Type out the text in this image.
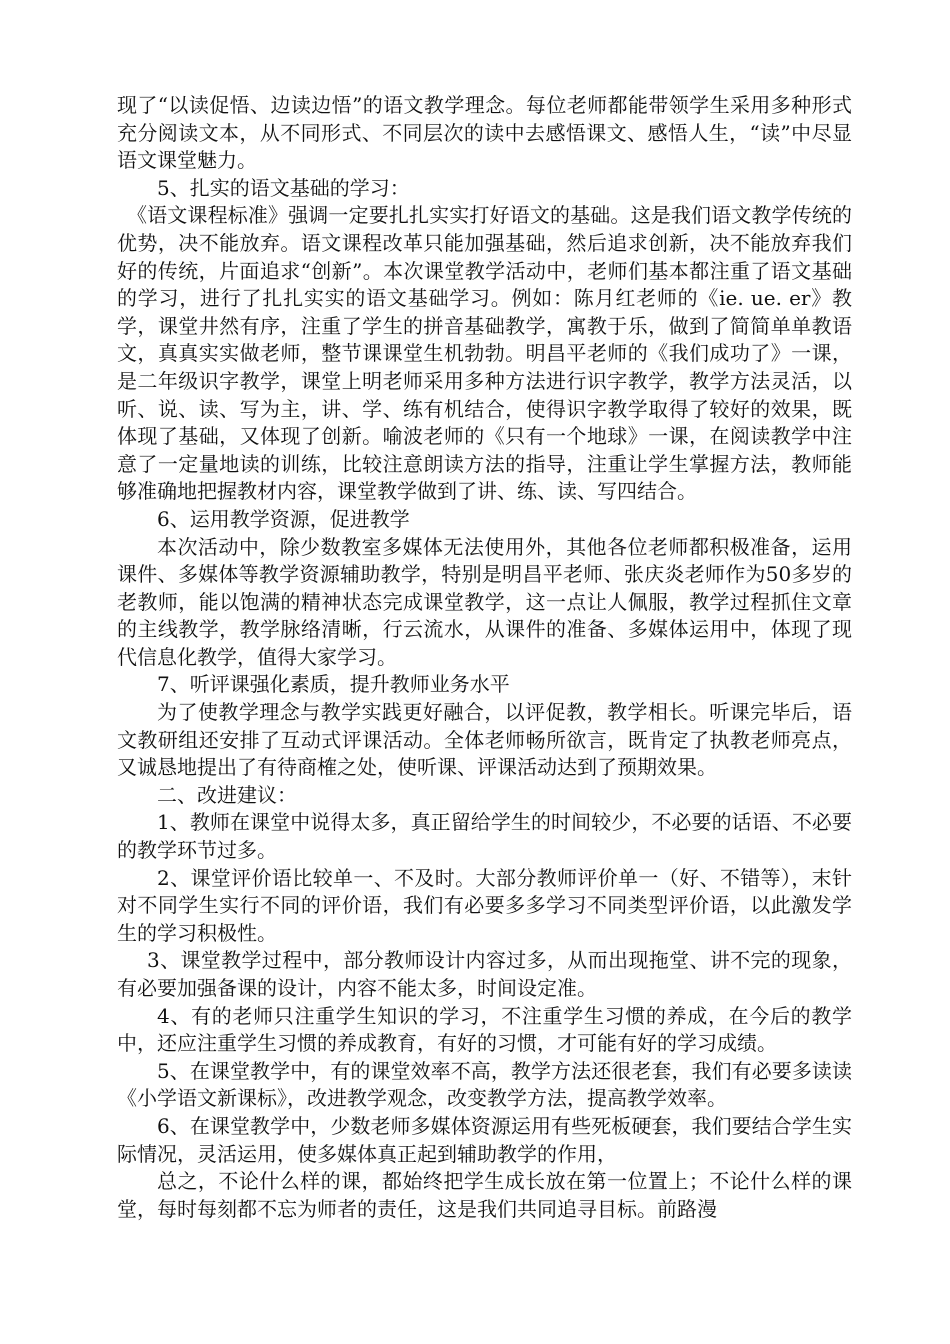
现了“以读促悟、边读边悟”的语文教学理念。每位老师都能带领学生采用多种形式充分阅读文本，从不同形式、不同层次的读中去感悟课文、感悟人生，“读”中尽显语文课堂魅力。

5、扎实的语文基础的学习：

《语文课程标准》强调一定要扎扎实实打好语文的基础。这是我们语文教学传统的优势，决不能放弃。语文课程改革只能加强基础，然后追求创新，决不能放弃我们好的传统，片面追求“创新”。本次课堂教学活动中，老师们基本都注重了语文基础的学习，进行了扎扎实实的语文基础学习。例如：陈月红老师的《ie. ue. er》教学，课堂井然有序，注重了学生的拼音基础教学，寓教于乐，做到了简简单单教语文，真真实实做老师，整节课课堂生机勃勃。明昌平老师的《我们成功了》一课，是二年级识字教学，课堂上明老师采用多种方法进行识字教学，教学方法灵活，以听、说、读、写为主，讲、学、练有机结合，使得识字教学取得了较好的效果，既体现了基础，又体现了创新。喻波老师的《只有一个地球》一课，在阅读教学中注意了一定量地读的训练，比较注意朗读方法的指导，注重让学生掌握方法，教师能够准确地把握教材内容，课堂教学做到了讲、练、读、写四结合。

6、运用教学资源，促进教学

本次活动中，除少数教室多媒体无法使用外，其他各位老师都积极准备，运用课件、多媒体等教学资源辅助教学，特别是明昌平老师、张庆炎老师作为50多岁的老教师，能以饱满的精神状态完成课堂教学，这一点让人佩服，教学过程抓住文章的主线教学，教学脉络清晰，行云流水，从课件的准备、多媒体运用中，体现了现代信息化教学，值得大家学习。

7、听评课强化素质，提升教师业务水平

为了使教学理念与教学实践更好融合，以评促教，教学相长。听课完毕后，语文教研组还安排了互动式评课活动。全体老师畅所欲言，既肯定了执教老师亮点，又诚恳地提出了有待商榷之处，使听课、评课活动达到了预期效果。

二、改进建议：

1、教师在课堂中说得太多，真正留给学生的时间较少，不必要的话语、不必要的教学环节过多。

2、课堂评价语比较单一、不及时。大部分教师评价单一（好、不错等），末针对不同学生实行不同的评价语，我们有必要多多学习不同类型评价语，以此激发学生的学习积极性。

3、课堂教学过程中，部分教师设计内容过多，从而出现拖堂、讲不完的现象，有必要加强备课的设计，内容不能太多，时间设定准。

4、有的老师只注重学生知识的学习，不注重学生习惯的养成，在今后的教学中，还应注重学生习惯的养成教育，有好的习惯，才可能有好的学习成绩。

5、在课堂教学中，有的课堂效率不高，教学方法还很老套，我们有必要多读读《小学语文新课标》，改进教学观念，改变教学方法，提高教学效率。

6、在课堂教学中，少数老师多媒体资源运用有些死板硬套，我们要结合学生实际情况，灵活运用，使多媒体真正起到辅助教学的作用，

总之，不论什么样的课，都始终把学生成长放在第一位置上；不论什么样的课堂，每时每刻都不忘为师者的责任，这是我们共同追寻目标。前路漫
